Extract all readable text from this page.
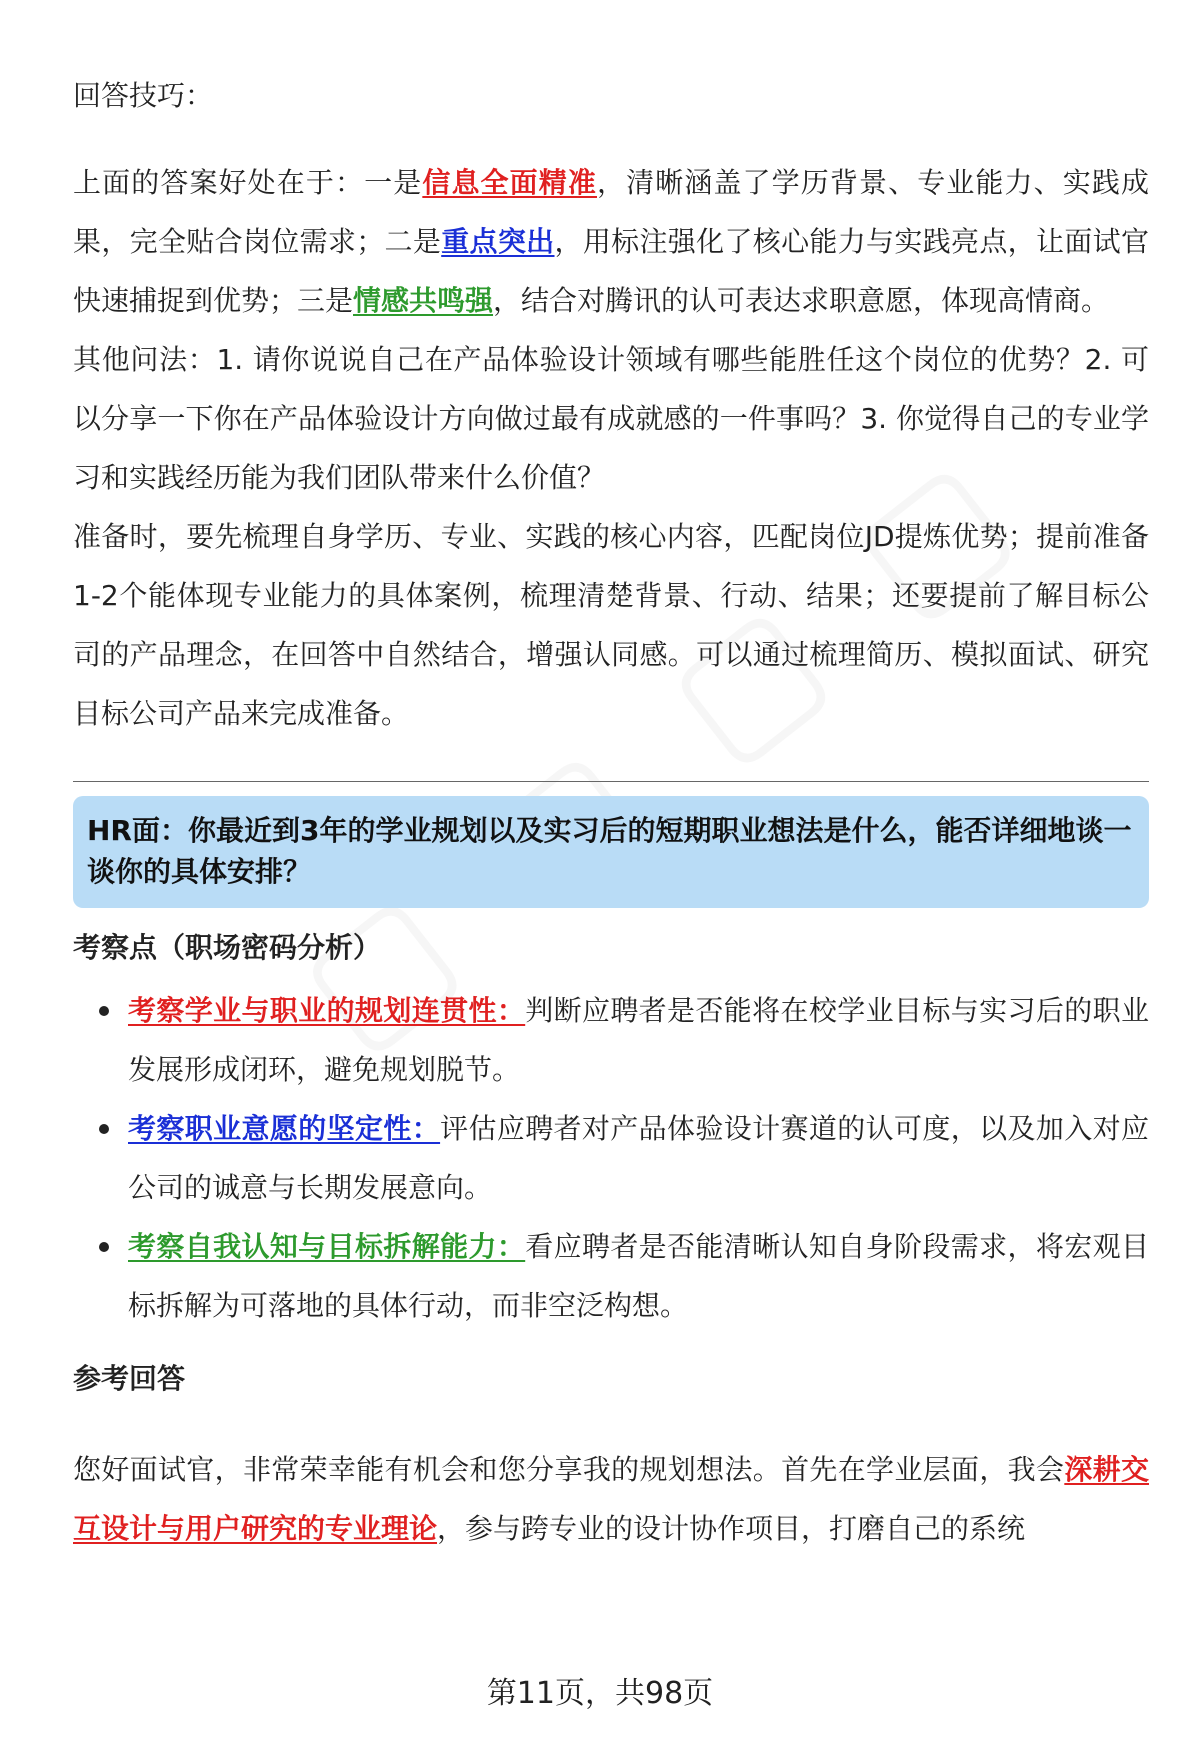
回答技巧：

上面的答案好处在于：一是信息全面精准，清晰涵盖了学历背景、专业能力、实践成果，完全贴合岗位需求；二是重点突出，用标注强化了核心能力与实践亮点，让面试官快速捕捉到优势；三是情感共鸣强，结合对腾讯的认可表达求职意愿，体现高情商。

其他问法：1. 请你说说自己在产品体验设计领域有哪些能胜任这个岗位的优势？2. 可以分享一下你在产品体验设计方向做过最有成就感的一件事吗？3. 你觉得自己的专业学习和实践经历能为我们团队带来什么价值？

准备时，要先梳理自身学历、专业、实践的核心内容，匹配岗位JD提炼优势；提前准备1-2个能体现专业能力的具体案例，梳理清楚背景、行动、结果；还要提前了解目标公司的产品理念，在回答中自然结合，增强认同感。可以通过梳理简历、模拟面试、研究目标公司产品来完成准备。

HR面：你最近到3年的学业规划以及实习后的短期职业想法是什么，能否详细地谈一谈你的具体安排？
考察点（职场密码分析）
考察学业与职业的规划连贯性：判断应聘者是否能将在校学业目标与实习后的职业发展形成闭环，避免规划脱节。
考察职业意愿的坚定性：评估应聘者对产品体验设计赛道的认可度，以及加入对应公司的诚意与长期发展意向。
考察自我认知与目标拆解能力：看应聘者是否能清晰认知自身阶段需求，将宏观目标拆解为可落地的具体行动，而非空泛构想。
参考回答

您好面试官，非常荣幸能有机会和您分享我的规划想法。首先在学业层面，我会深耕交互设计与用户研究的专业理论，参与跨专业的设计协作项目，打磨自己的系统

第11页，共98页
